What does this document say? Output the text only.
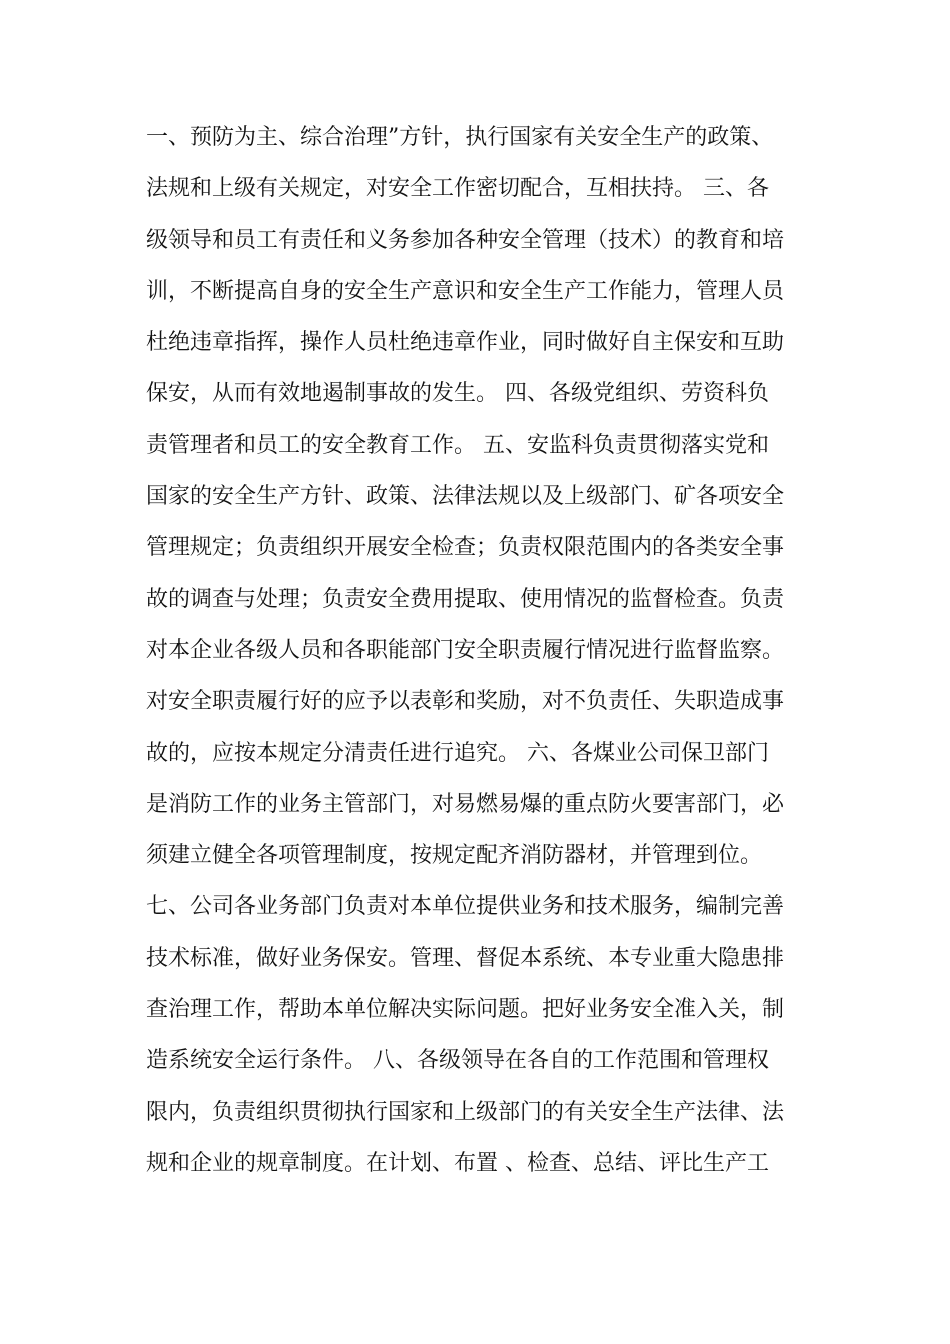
一、预防为主、综合治理”方针，执行国家有关安全生产的政策、
法规和上级有关规定，对安全工作密切配合，互相扶持。 三、各
级领导和员工有责任和义务参加各种安全管理（技术）的教育和培
训，不断提高自身的安全生产意识和安全生产工作能力，管理人员
杜绝违章指挥，操作人员杜绝违章作业，同时做好自主保安和互助
保安，从而有效地遏制事故的发生。 四、各级党组织、劳资科负
责管理者和员工的安全教育工作。 五、安监科负责贯彻落实党和
国家的安全生产方针、政策、法律法规以及上级部门、矿各项安全
管理规定；负责组织开展安全检查；负责权限范围内的各类安全事
故的调查与处理；负责安全费用提取、使用情况的监督检查。负责
对本企业各级人员和各职能部门安全职责履行情况进行监督监察。
对安全职责履行好的应予以表彰和奖励，对不负责任、失职造成事
故的，应按本规定分清责任进行追究。 六、各煤业公司保卫部门
是消防工作的业务主管部门，对易燃易爆的重点防火要害部门，必
须建立健全各项管理制度，按规定配齐消防器材，并管理到位。
七、公司各业务部门负责对本单位提供业务和技术服务，编制完善
技术标准，做好业务保安。管理、督促本系统、本专业重大隐患排
查治理工作，帮助本单位解决实际问题。把好业务安全准入关，制
造系统安全运行条件。 八、各级领导在各自的工作范围和管理权
限内，负责组织贯彻执行国家和上级部门的有关安全生产法律、法
规和企业的规章制度。在计划、布置 、检查、总结、评比生产工
